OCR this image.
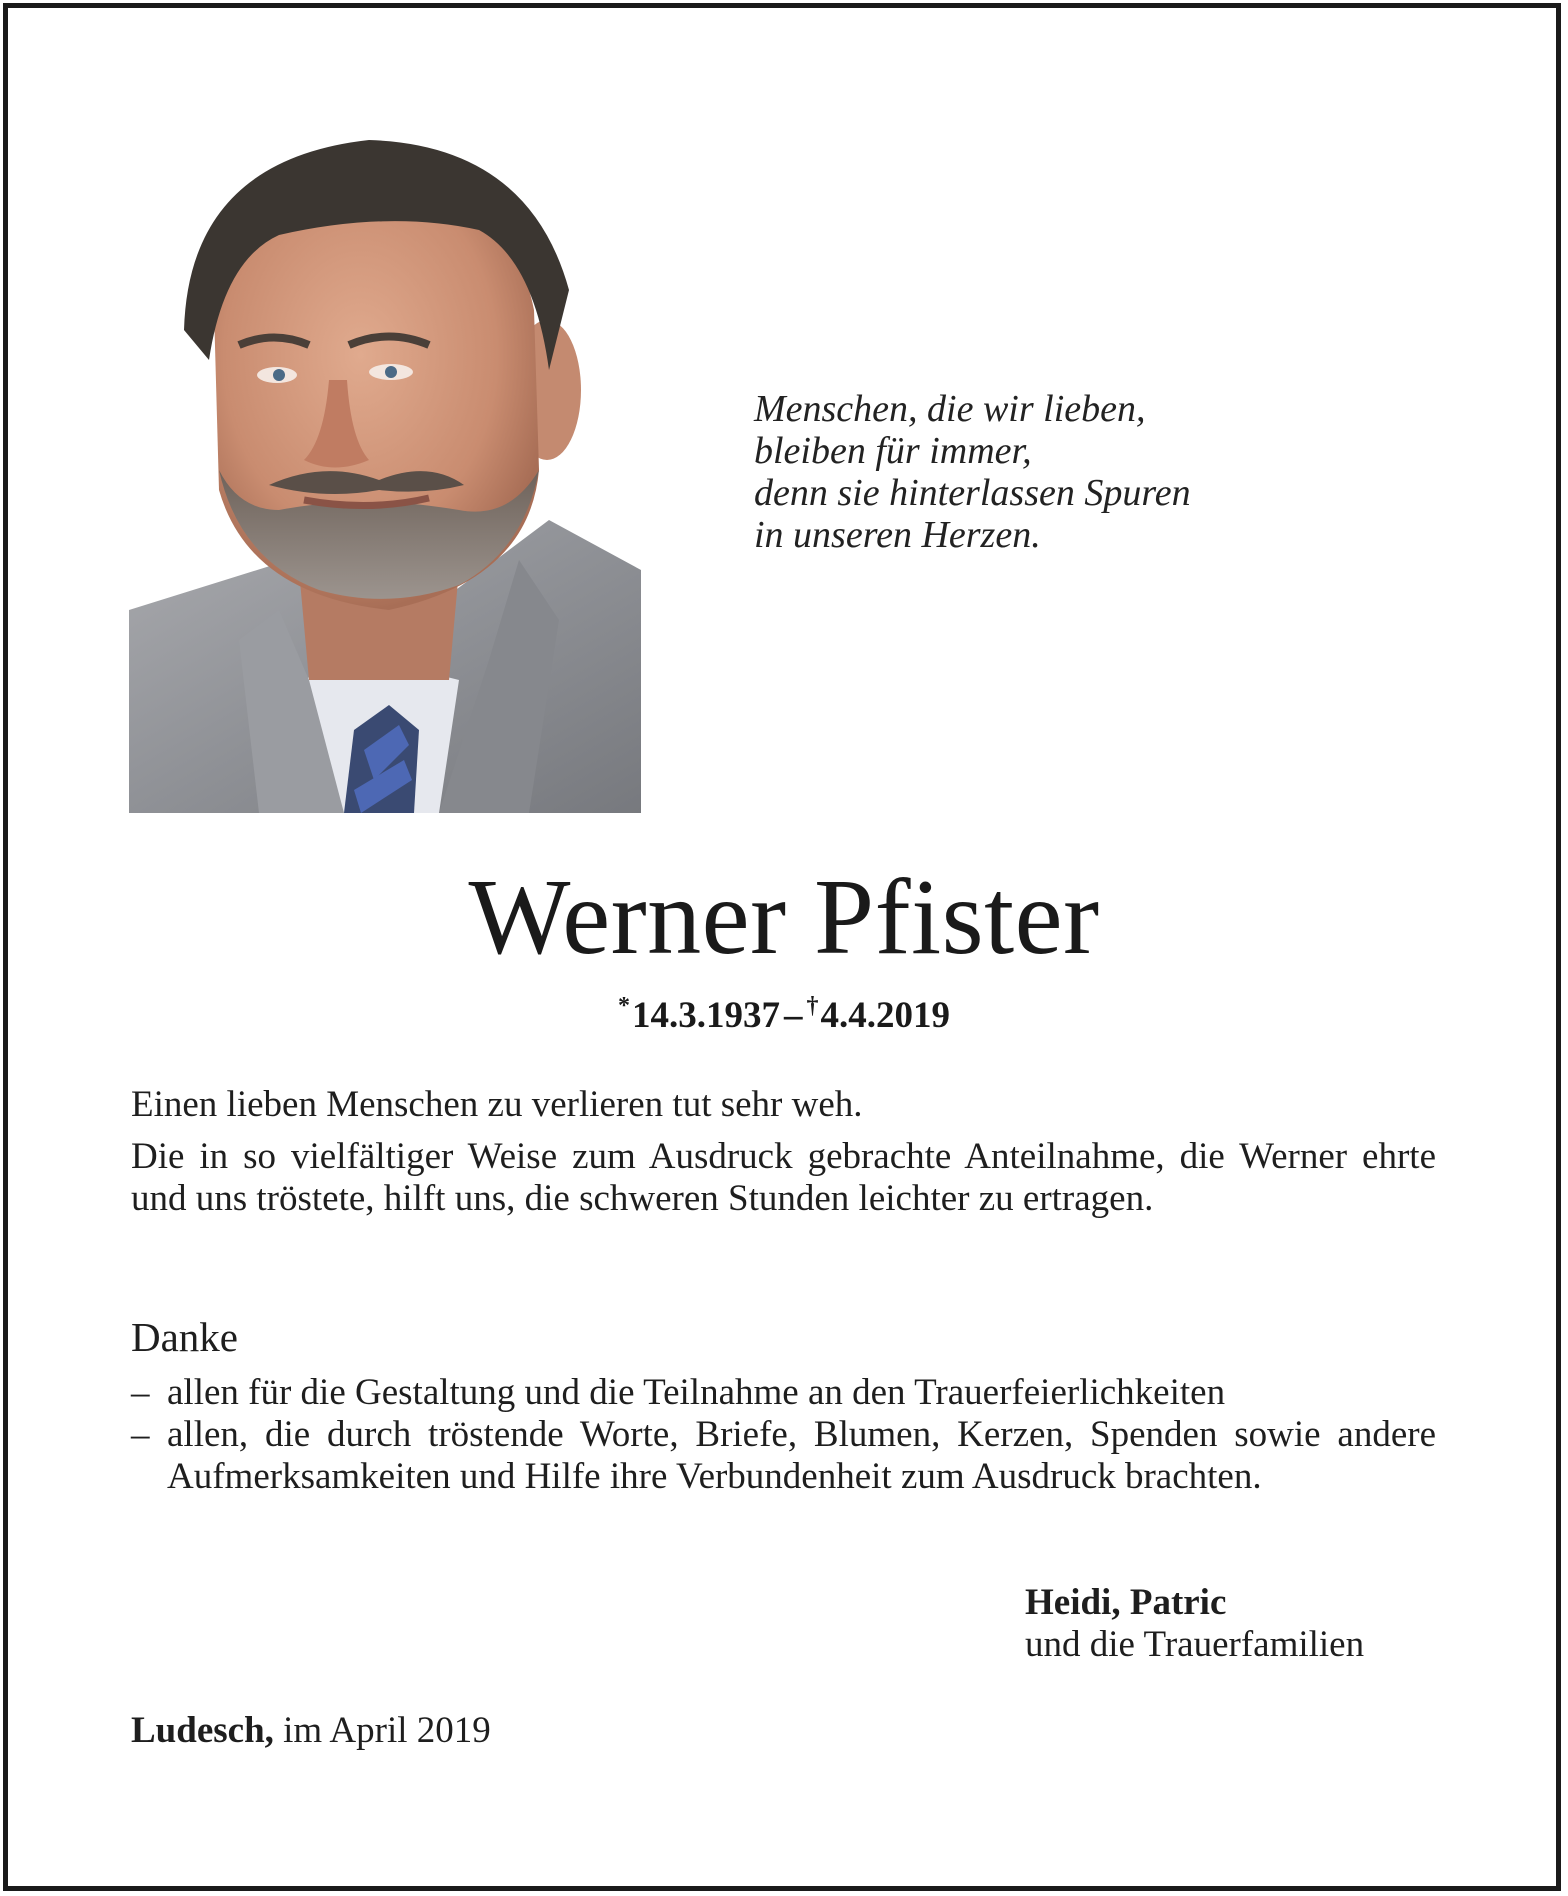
Menschen, die wir lieben,
bleiben für immer,
denn sie hinterlassen Spuren
in unseren Herzen.
Werner Pfister
*14.3.1937 – †4.4.2019
Einen lieben Menschen zu verlieren tut sehr weh.
Die in so vielfältiger Weise zum Ausdruck gebrachte Anteilnahme, die Werner ehrte und uns tröstete, hilft uns, die schweren Stunden leichter zu ertragen.
Danke
– allen für die Gestaltung und die Teilnahme an den Trauerfeierlichkeiten
– allen, die durch tröstende Worte, Briefe, Blumen, Kerzen, Spenden sowie andere Aufmerksamkeiten und Hilfe ihre Verbundenheit zum Ausdruck brachten.
Heidi, Patric
und die Trauerfamilien
Ludesch, im April 2019
